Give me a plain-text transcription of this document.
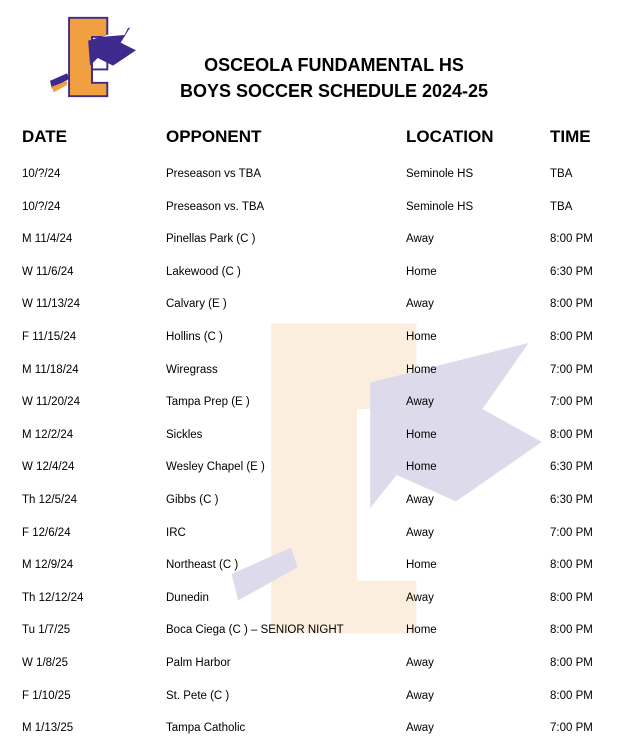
OSCEOLA FUNDAMENTAL HS
BOYS SOCCER SCHEDULE 2024-25
DATE	OPPONENT	LOCATION	TIME
10/?/24	Preseason vs TBA	Seminole HS	TBA
10/?/24	Preseason vs. TBA	Seminole HS	TBA
M 11/4/24	Pinellas Park (C )	Away	8:00 PM
W 11/6/24	Lakewood (C )	Home	6:30 PM
W 11/13/24	Calvary (E )	Away	8:00 PM
F 11/15/24	Hollins (C )	Home	8:00 PM
M 11/18/24	Wiregrass	Home	7:00 PM
W 11/20/24	Tampa Prep (E )	Away	7:00 PM
M 12/2/24	Sickles	Home	8:00 PM
W 12/4/24	Wesley Chapel (E )	Home	6:30 PM
Th 12/5/24	Gibbs (C )	Away	6:30 PM
F 12/6/24	IRC	Away	7:00 PM
M 12/9/24	Northeast (C )	Home	8:00 PM
Th 12/12/24	Dunedin	Away	8:00 PM
Tu 1/7/25	Boca Ciega (C ) – SENIOR NIGHT	Home	8:00 PM
W 1/8/25	Palm Harbor	Away	8:00 PM
F 1/10/25	St. Pete (C )	Away	8:00 PM
M 1/13/25	Tampa Catholic	Away	7:00 PM
